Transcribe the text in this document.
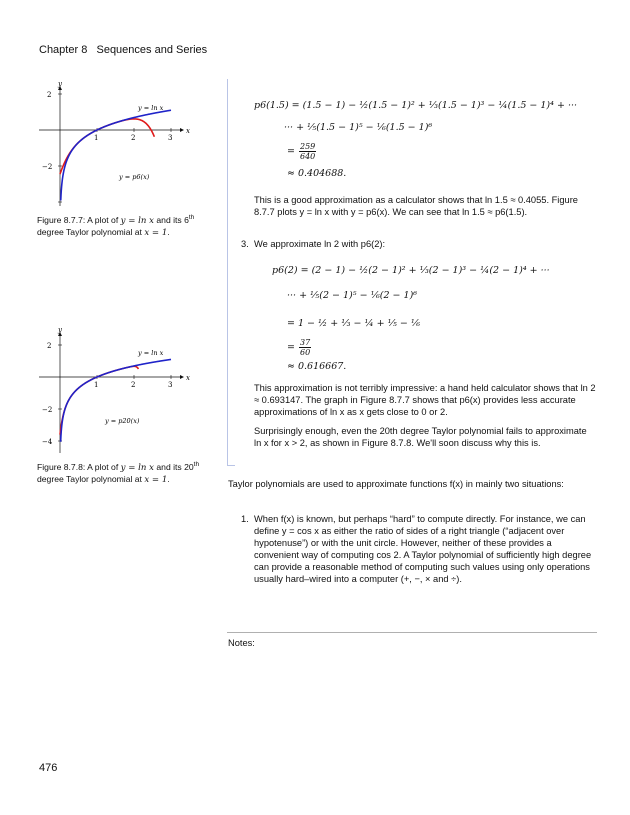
Chapter 8 Sequences and Series
x
y
1	2	3
2
−2
y = ln x
y = p6(x)
Figure 8.7.7: A plot of y = ln x and its 6th degree Taylor polynomial at x = 1.
x
y
1	2	3
2
−2
−4
y = ln x
y = p20(x)
Figure 8.7.8: A plot of y = ln x and its 20th degree Taylor polynomial at x = 1.
p6(1.5) = (1.5 − 1) − ½(1.5 − 1)² + ⅓(1.5 − 1)³ − ¼(1.5 − 1)⁴ + ···
··· + ⅕(1.5 − 1)⁵ − ⅙(1.5 − 1)⁶
= $\frac{259}{640}$
≈ 0.404688.
This is a good approximation as a calculator shows that ln 1.5 ≈ 0.4055. Figure 8.7.7 plots y = ln x with y = p6(x). We can see that ln 1.5 ≈ p6(1.5).
3. We approximate ln 2 with p6(2):
p6(2) = (2 − 1) − ½(2 − 1)² + ⅓(2 − 1)³ − ¼(2 − 1)⁴ + ···
··· + ⅕(2 − 1)⁵ − ⅙(2 − 1)⁶
= 1 − ½ + ⅓ − ¼ + ⅕ − ⅙
= $\frac{37}{60}$
≈ 0.616667.
This approximation is not terribly impressive: a hand held calculator shows that ln 2 ≈ 0.693147. The graph in Figure 8.7.7 shows that p6(x) provides less accurate approximations of ln x as x gets close to 0 or 2.
Surprisingly enough, even the 20th degree Taylor polynomial fails to approximate ln x for x > 2, as shown in Figure 8.7.8. We'll soon discuss why this is.
Taylor polynomials are used to approximate functions f(x) in mainly two situations:
1. When f(x) is known, but perhaps “hard” to compute directly. For instance, we can define y = cos x as either the ratio of sides of a right triangle (“adjacent over hypotenuse”) or with the unit circle. However, neither of these provides a convenient way of computing cos 2. A Taylor polynomial of sufficiently high degree can provide a reasonable method of computing such values using only operations usually hard–wired into a computer (+, −, × and ÷).
Notes:
476
